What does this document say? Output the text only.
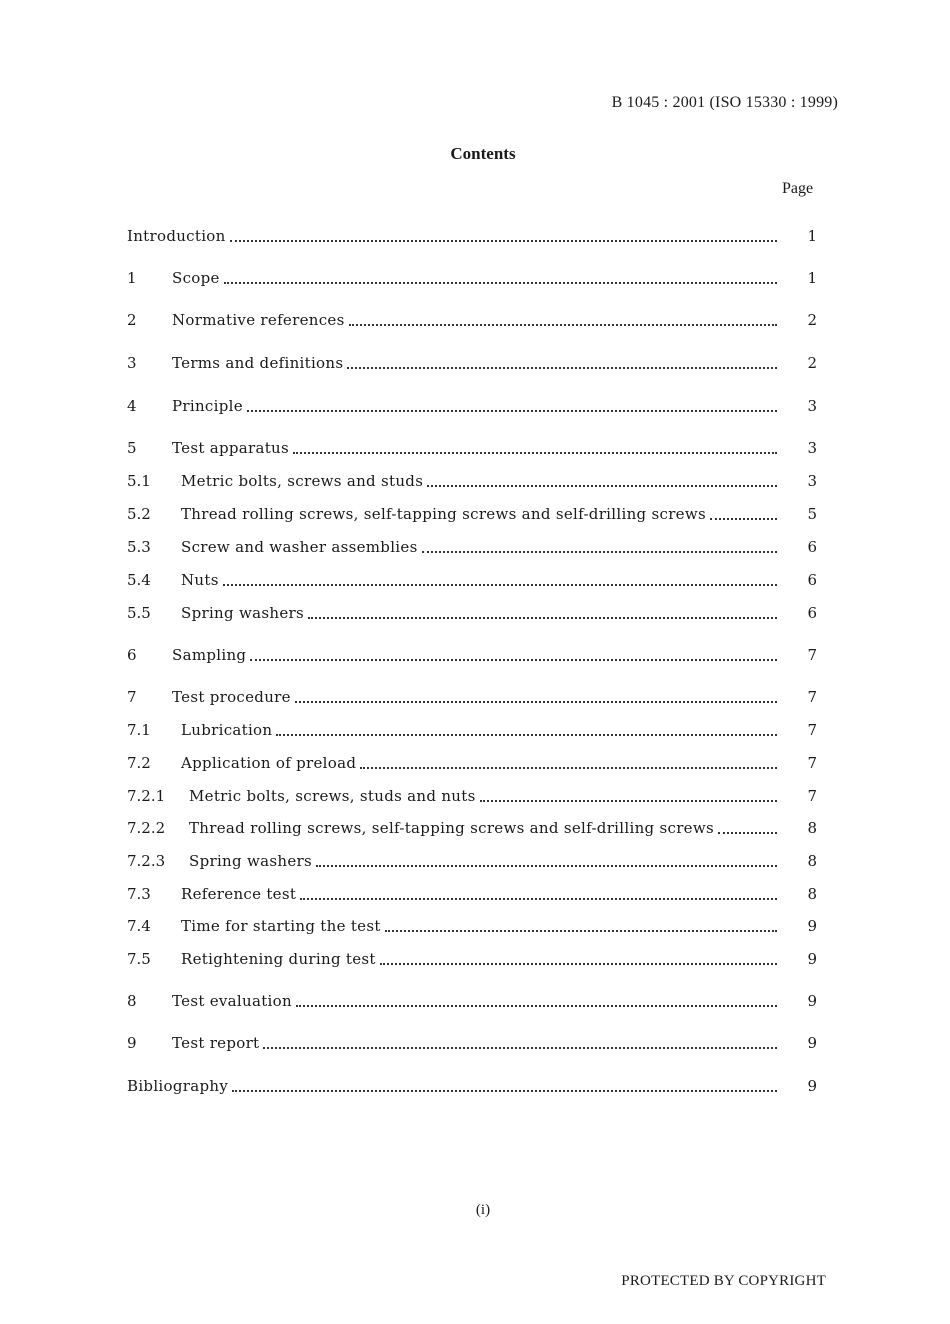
B 1045 : 2001 (ISO 15330 : 1999)
Contents
Page
Introduction	1
1	Scope	1
2	Normative references	2
3	Terms and definitions	2
4	Principle	3
5	Test apparatus	3
5.1	Metric bolts, screws and studs	3
5.2	Thread rolling screws, self-tapping screws and self-drilling screws	5
5.3	Screw and washer assemblies	6
5.4	Nuts	6
5.5	Spring washers	6
6	Sampling	7
7	Test procedure	7
7.1	Lubrication	7
7.2	Application of preload	7
7.2.1	Metric bolts, screws, studs and nuts	7
7.2.2	Thread rolling screws, self-tapping screws and self-drilling screws	8
7.2.3	Spring washers	8
7.3	Reference test	8
7.4	Time for starting the test	9
7.5	Retightening during test	9
8	Test evaluation	9
9	Test report	9
Bibliography	9
(i)
PROTECTED BY COPYRIGHT
